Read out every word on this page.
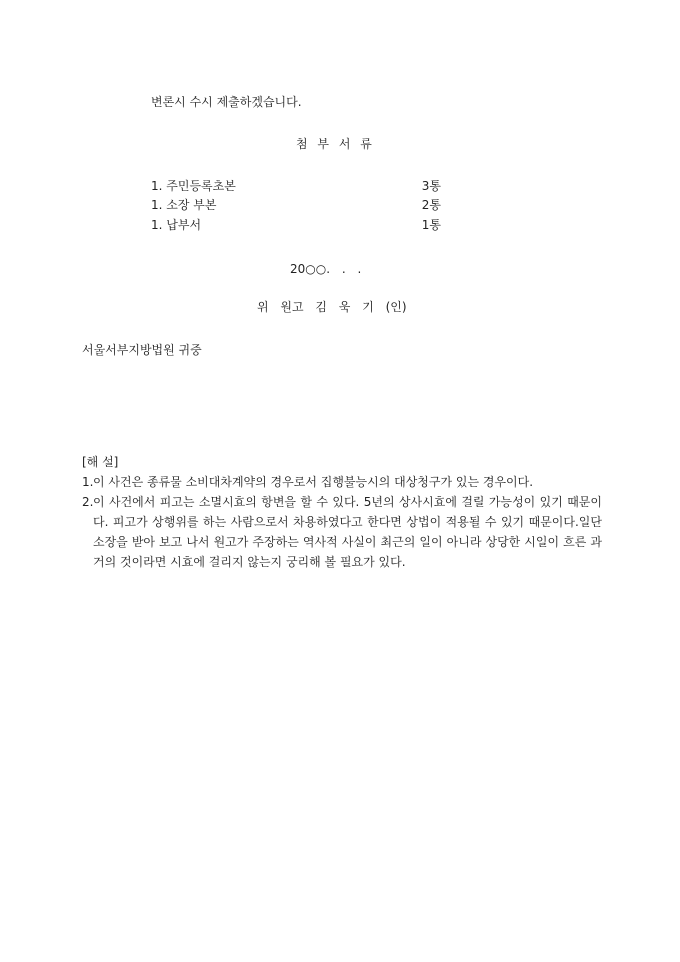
변론시 수시 제출하겠습니다.
첨 부 서 류
1. 주민등록초본	3통
1. 소장 부본	2통
1. 납부서	1통
20○○. . .
위 원고 김 욱 기 (인)
서울서부지방법원 귀중
[해 설]
1. 이 사건은 종류물 소비대차계약의 경우로서 집행불능시의 대상청구가 있는 경우이다.
2. 이 사건에서 피고는 소멸시효의 항변을 할 수 있다. 5년의 상사시효에 걸릴 가능성이 있기 때문이다. 피고가 상행위를 하는 사람으로서 차용하였다고 한다면 상법이 적용될 수 있기 때문이다.일단 소장을 받아 보고 나서 원고가 주장하는 역사적 사실이 최근의 일이 아니라 상당한 시일이 흐른 과거의 것이라면 시효에 걸리지 않는지 궁리해 볼 필요가 있다.
